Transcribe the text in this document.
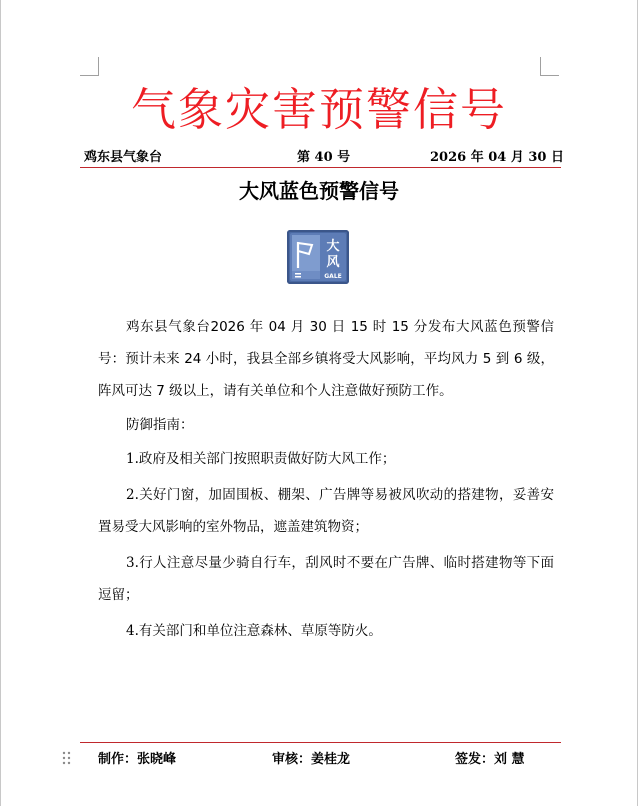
气象灾害预警信号
鸡东县气象台	第 40 号	2026 年 04 月 30 日
大风蓝色预警信号
大
风
GALE
鸡东县气象台2026 年 04 月 30 日 15 时 15 分发布大风蓝色预警信号：预计未来 24 小时，我县全部乡镇将受大风影响，平均风力 5 到 6 级，阵风可达 7 级以上，请有关单位和个人注意做好预防工作。
防御指南：
1.政府及相关部门按照职责做好防大风工作；
2.关好门窗，加固围板、棚架、广告牌等易被风吹动的搭建物，妥善安置易受大风影响的室外物品，遮盖建筑物资；
3.行人注意尽量少骑自行车，刮风时不要在广告牌、临时搭建物等下面逗留；
4.有关部门和单位注意森林、草原等防火。
制作：张晓峰	审核：姜桂龙	签发：刘 慧
